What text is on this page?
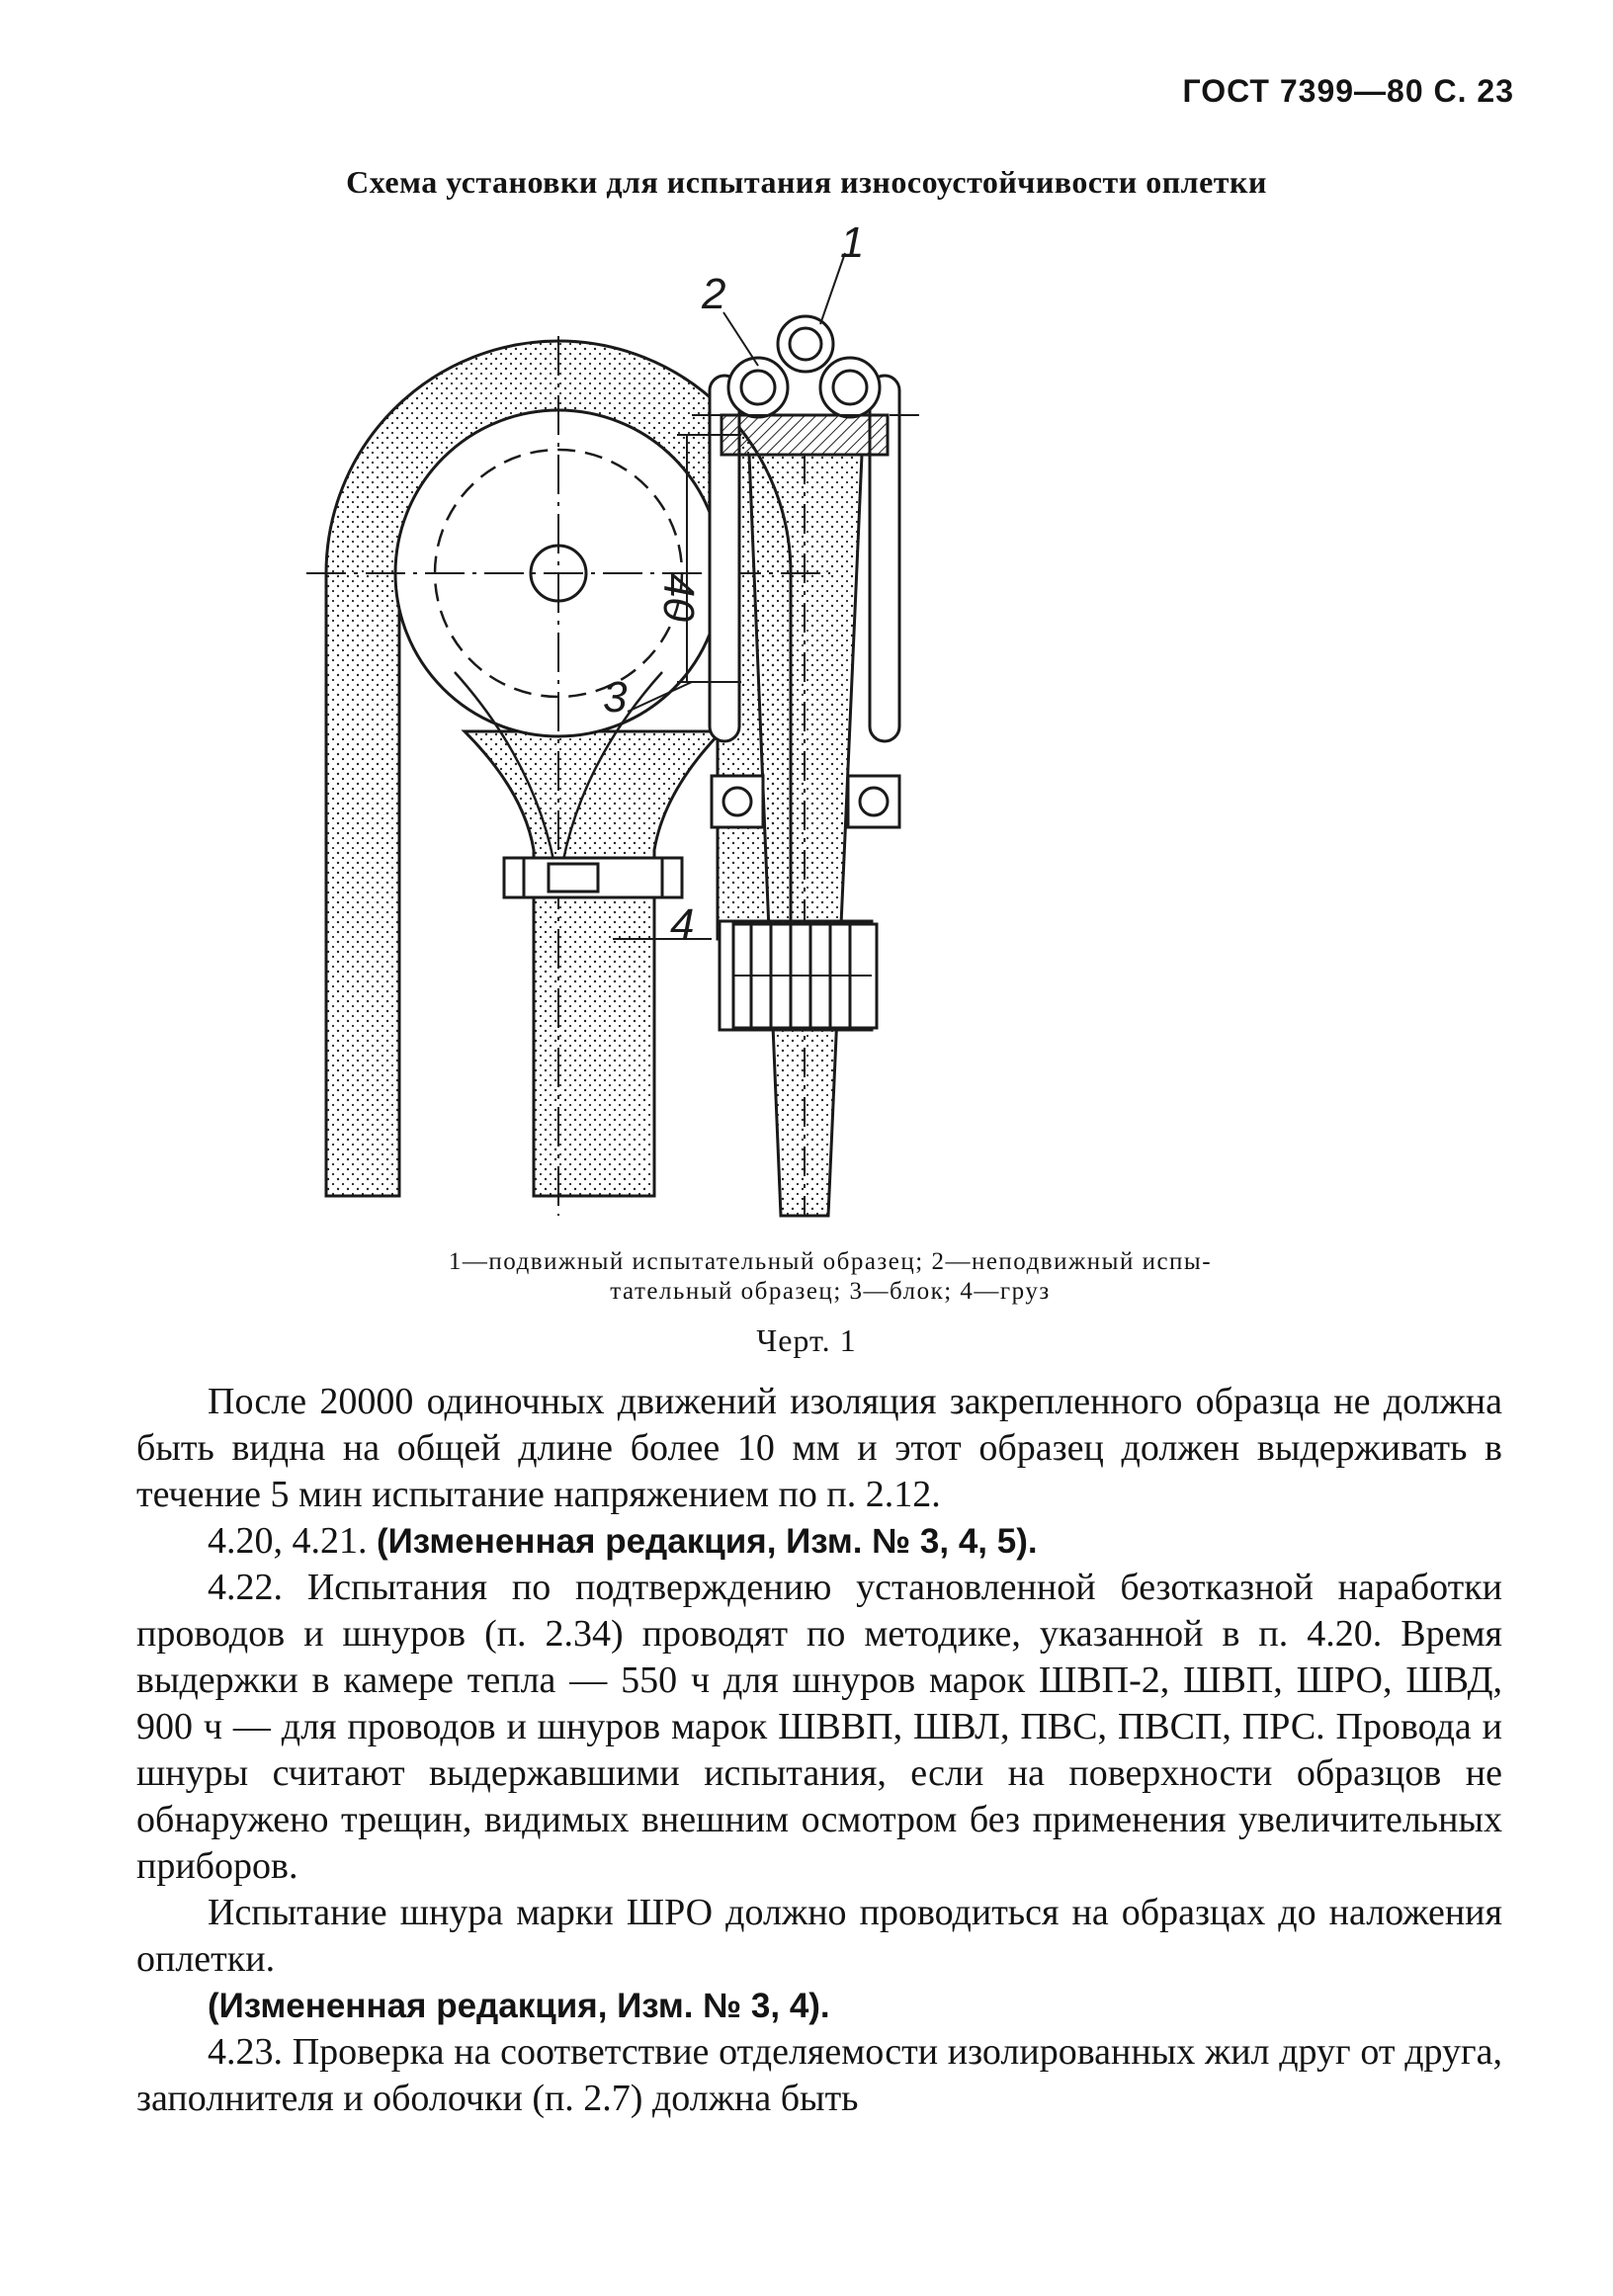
ГОСТ 7399—80 С. 23
Схема установки для испытания износоустойчивости оплетки
1
2
3
4
40
1—подвижный испытательный образец; 2—неподвижный испы-
тательный образец; 3—блок; 4—груз
Черт. 1

После 20000 одиночных движений изоляция закрепленного образца не должна быть видна на общей длине более 10 мм и этот образец должен выдерживать в течение 5 мин испытание напряжением по п. 2.12.

4.20, 4.21. (Измененная редакция, Изм. № 3, 4, 5).

4.22. Испытания по подтверждению установленной безотказной наработки проводов и шнуров (п. 2.34) проводят по методике, указанной в п. 4.20. Время выдержки в камере тепла — 550 ч для шнуров марок ШВП-2, ШВП, ШРО, ШВД, 900 ч — для проводов и шнуров марок ШВВП, ШВЛ, ПВС, ПВСП, ПРС. Провода и шнуры считают выдержавшими испытания, если на поверхности образцов не обнаружено трещин, видимых внешним осмотром без применения увеличительных приборов.

Испытание шнура марки ШРО должно проводиться на образцах до наложения оплетки.

(Измененная редакция, Изм. № 3, 4).

4.23. Проверка на соответствие отделяемости изолированных жил друг от друга, заполнителя и оболочки (п. 2.7) должна быть
